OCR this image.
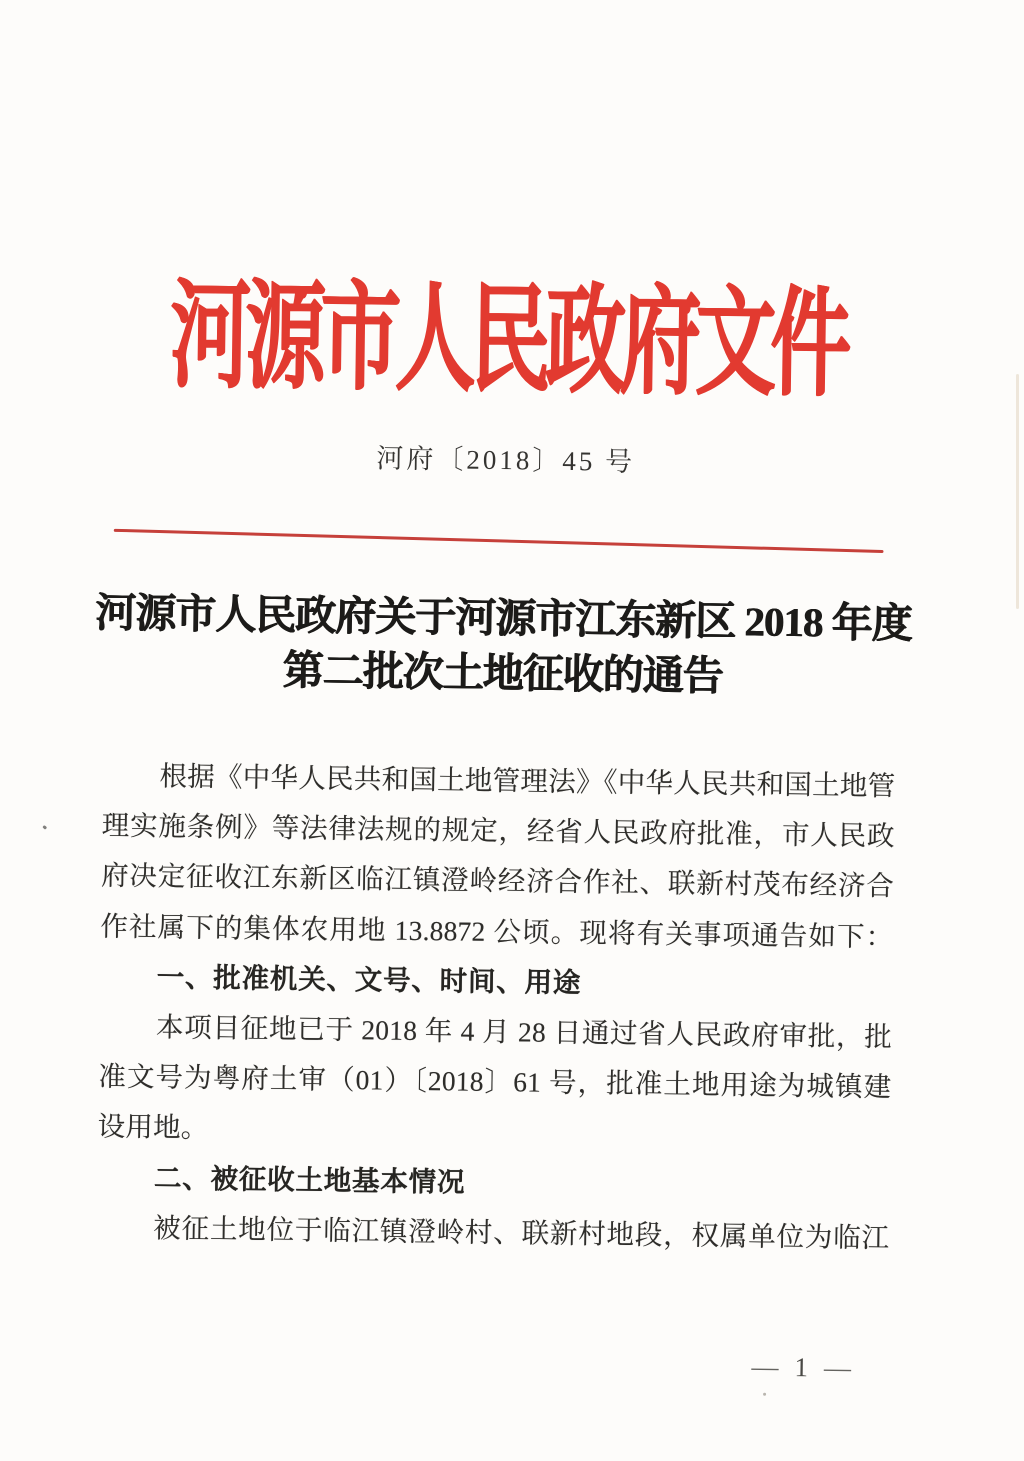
河源市人民政府文件
河府〔2018〕45 号
河源市人民政府关于河源市江东新区 2018 年度
第二批次土地征收的通告
根据《中华人民共和国土地管理法》《中华人民共和国土地管
理实施条例》等法律法规的规定，经省人民政府批准，市人民政
府决定征收江东新区临江镇澄岭经济合作社、联新村茂布经济合
作社属下的集体农用地 13.8872 公顷。现将有关事项通告如下：
一、批准机关、文号、时间、用途
本项目征地已于 2018 年 4 月 28 日通过省人民政府审批，批
准文号为粤府土审（01）〔2018〕61 号，批准土地用途为城镇建
设用地。
二、被征收土地基本情况
被征土地位于临江镇澄岭村、联新村地段，权属单位为临江
— 1 —
